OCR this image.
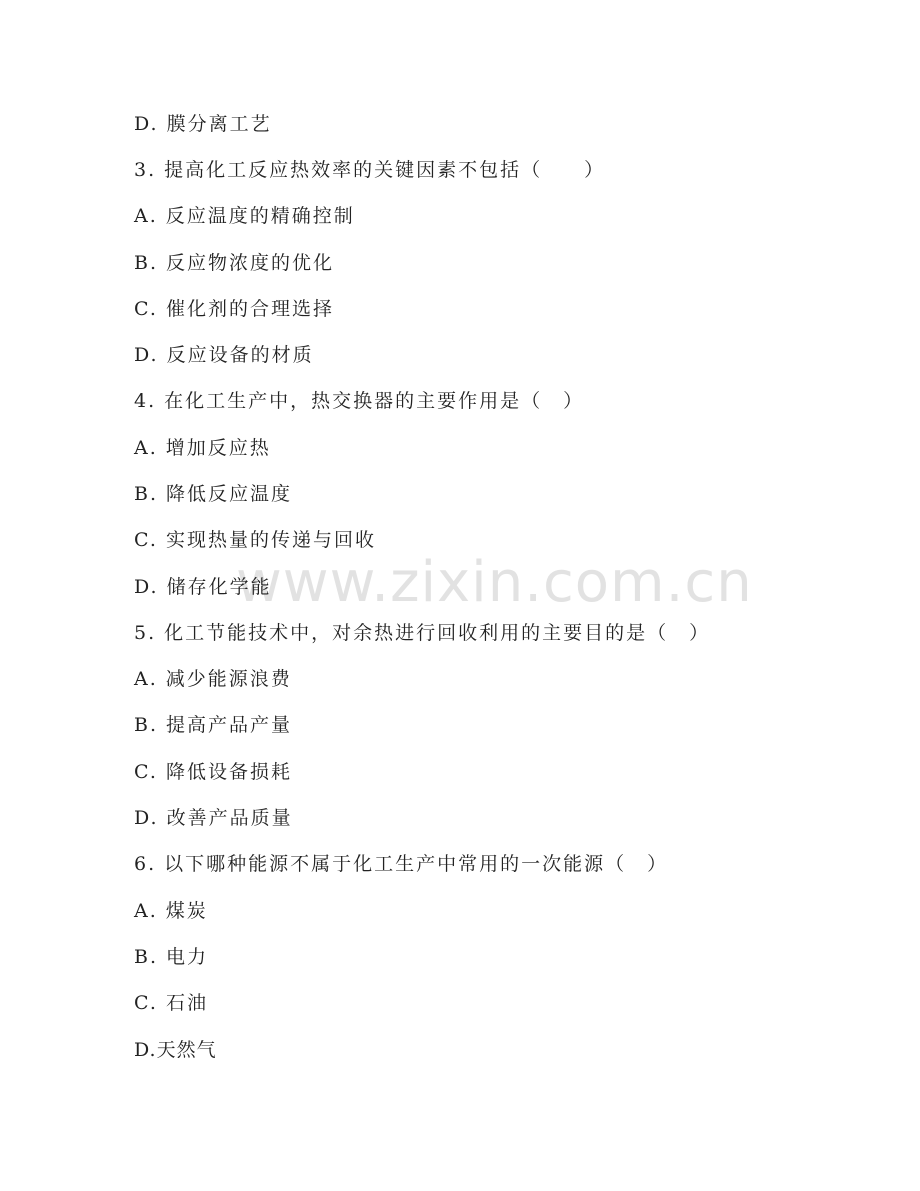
www.zixin.com.cn
D. 膜分离工艺
3. 提高化工反应热效率的关键因素不包括（　　）
A. 反应温度的精确控制
B. 反应物浓度的优化
C. 催化剂的合理选择
D. 反应设备的材质
4. 在化工生产中，热交换器的主要作用是（　）
A. 增加反应热
B. 降低反应温度
C. 实现热量的传递与回收
D. 储存化学能
5. 化工节能技术中，对余热进行回收利用的主要目的是（　）
A. 减少能源浪费
B. 提高产品产量
C. 降低设备损耗
D. 改善产品质量
6. 以下哪种能源不属于化工生产中常用的一次能源（　）
A. 煤炭
B. 电力
C. 石油
D.天然气
